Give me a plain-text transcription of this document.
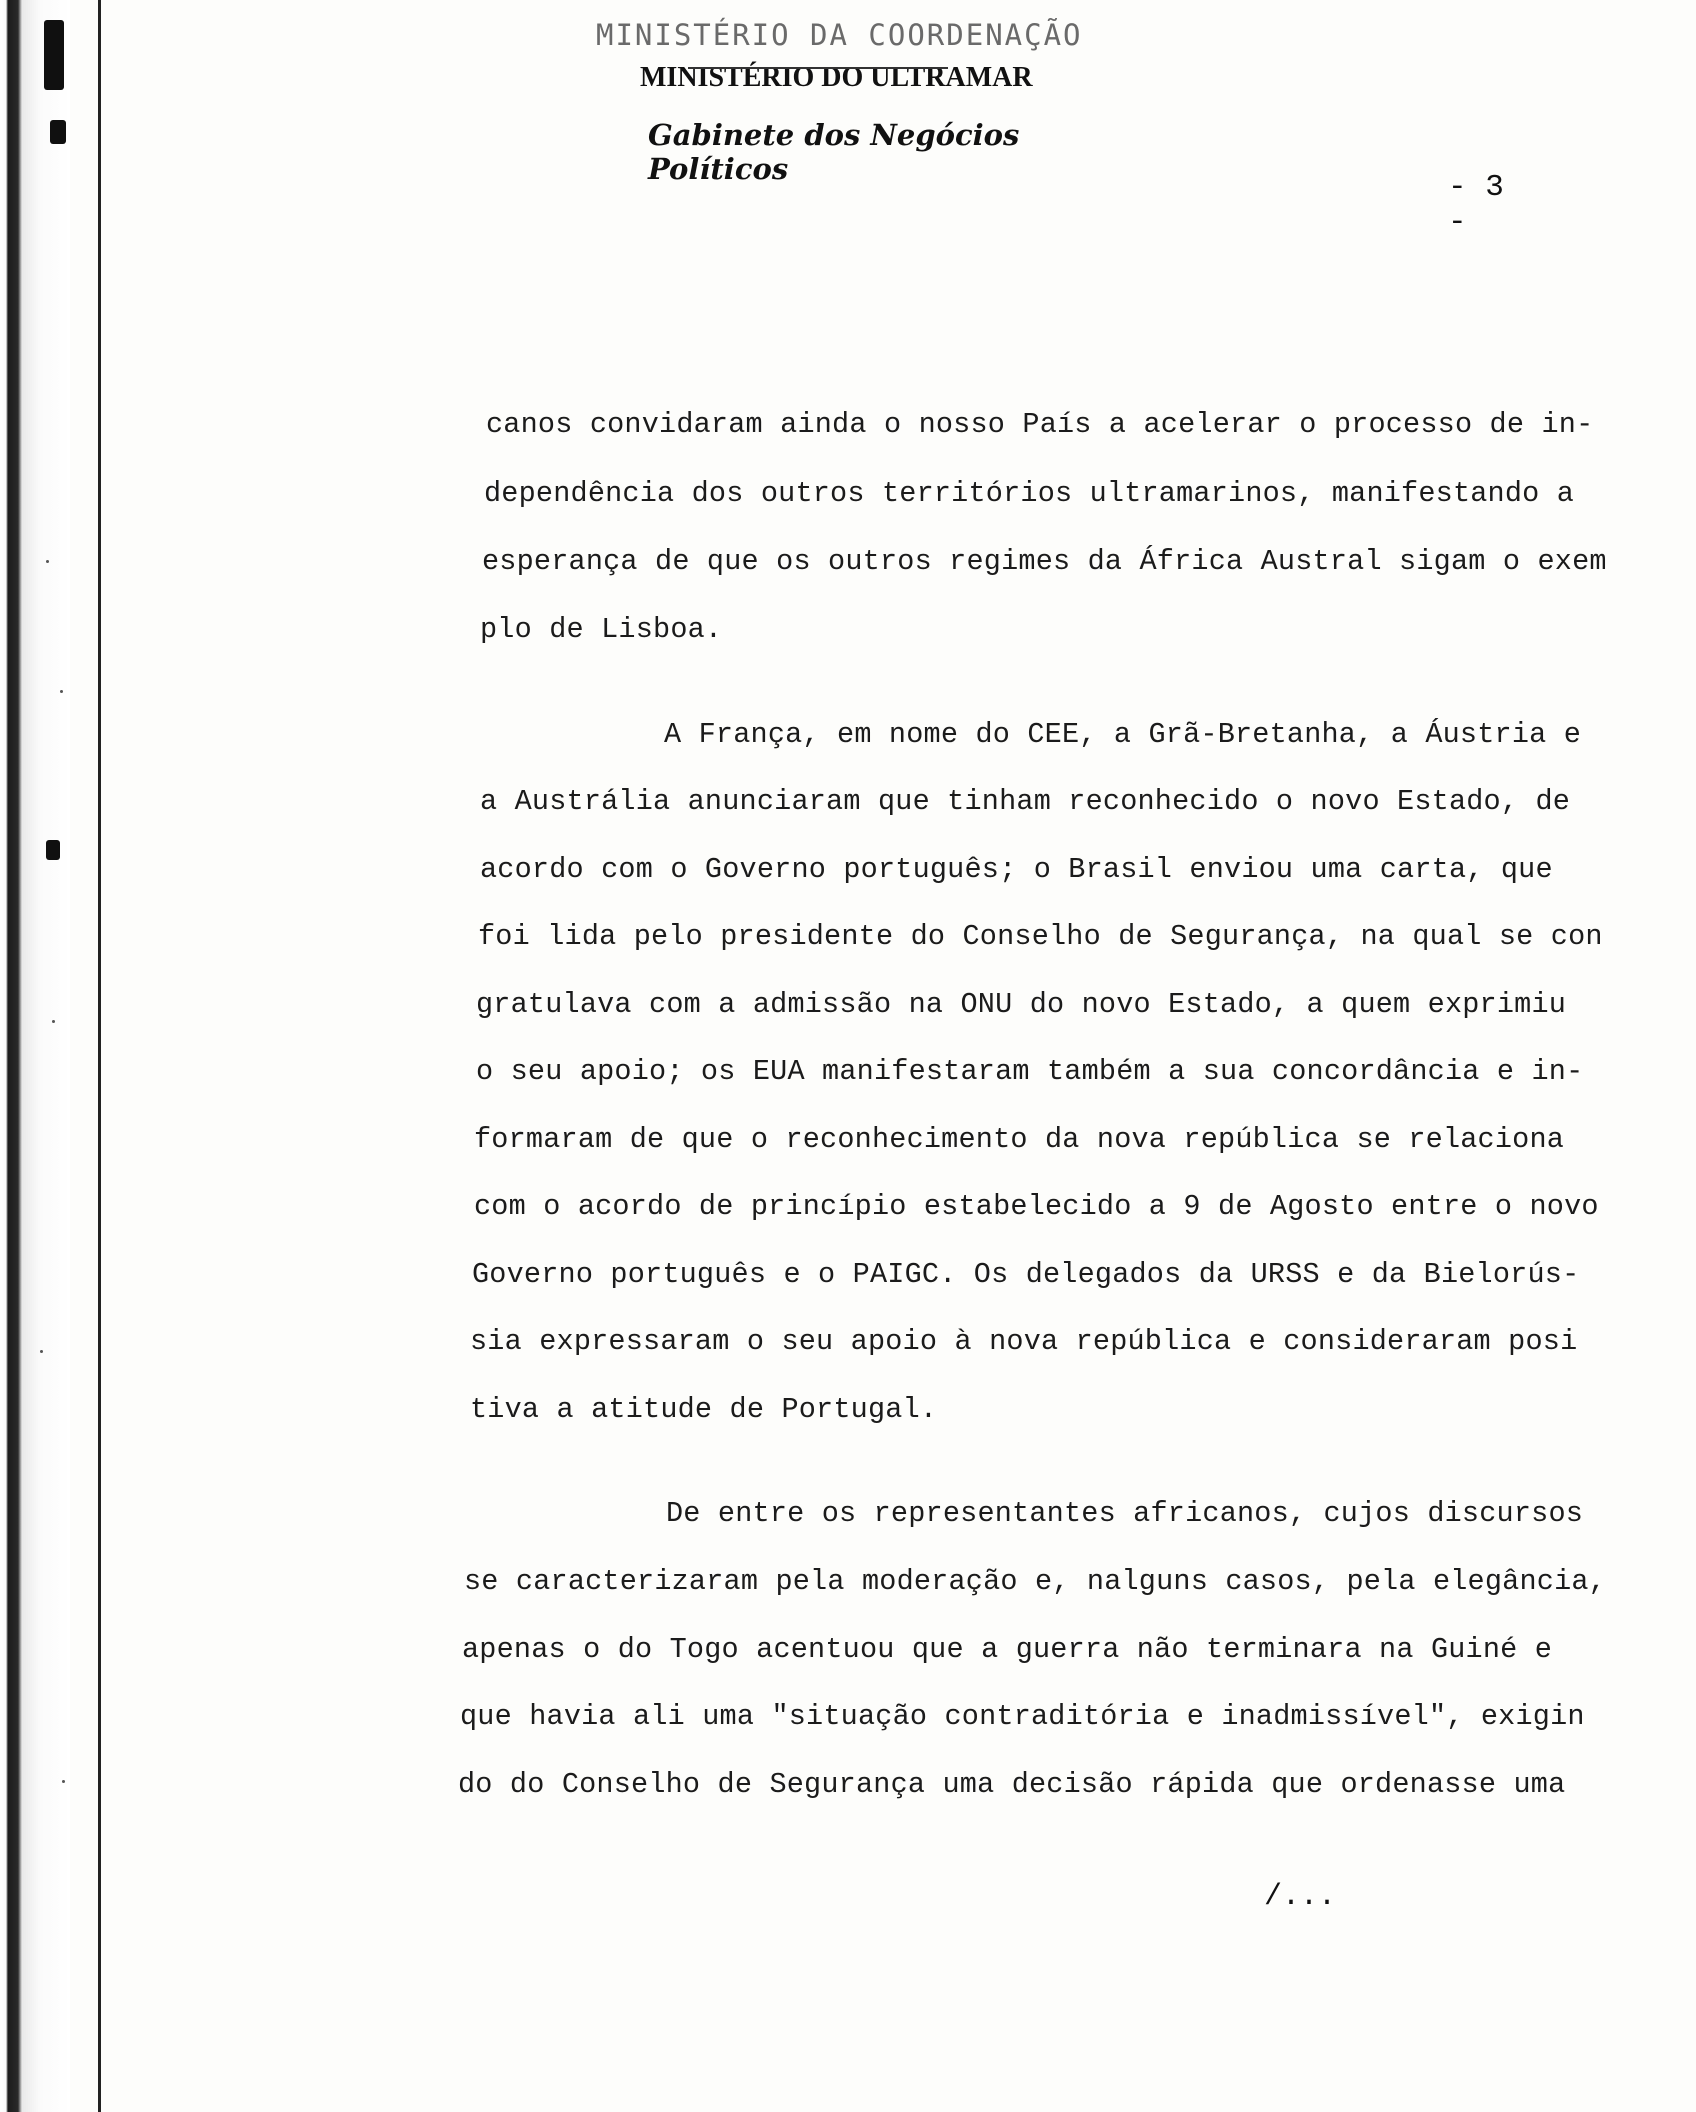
MINISTÉRIO DA COORDENAÇÃO
MINISTÉRIO DO ULTRAMAR
Gabinete dos Negócios Políticos
- 3 -
canos convidaram ainda o nosso País a acelerar o processo de in-
dependência dos outros territórios ultramarinos, manifestando a
esperança de que os outros regimes da África Austral sigam o exem
plo de Lisboa.
A França, em nome do CEE, a Grã-Bretanha, a Áustria e
a Austrália anunciaram que tinham reconhecido o novo Estado, de
acordo com o Governo português; o Brasil enviou uma carta, que
foi lida pelo presidente do Conselho de Segurança, na qual se con
gratulava com a admissão na ONU do novo Estado, a quem exprimiu
o seu apoio; os EUA manifestaram também a sua concordância e in-
formaram de que o reconhecimento da nova república se relaciona
com o acordo de princípio estabelecido a 9 de Agosto entre o novo
Governo português e o PAIGC. Os delegados da URSS e da Bielorús-
sia expressaram o seu apoio à nova república e consideraram posi
tiva a atitude de Portugal.
De entre os representantes africanos, cujos discursos
se caracterizaram pela moderação e, nalguns casos, pela elegância,
apenas o do Togo acentuou que a guerra não terminara na Guiné e
que havia ali uma "situação contraditória e inadmissível", exigin
do do Conselho de Segurança uma decisão rápida que ordenasse uma
/...
